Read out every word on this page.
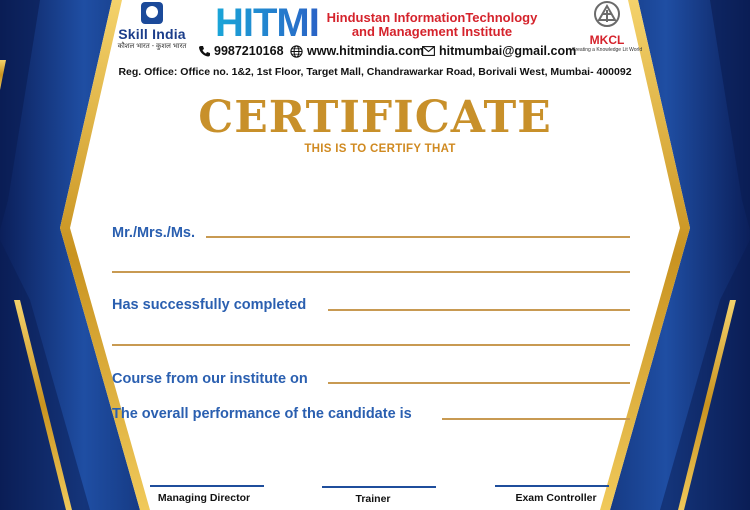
Skill India
कौशल भारत - कुशल भारत
HITMI Hindustan InformationTechnology
and Management Institute
MKCL
Creating a Knowledge Lit World
9987210168 www.hitmindia.com hitmumbai@gmail.com
Reg. Office: Office no. 1&2, 1st Floor, Target Mall, Chandrawarkar Road, Borivali West, Mumbai- 400092
CERTIFICATE
THIS IS TO CERTIFY THAT
Mr./Mrs./Ms.
Has successfully completed
Course from our institute on
The overall performance of the candidate is
Managing Director	Trainer	Exam Controller
